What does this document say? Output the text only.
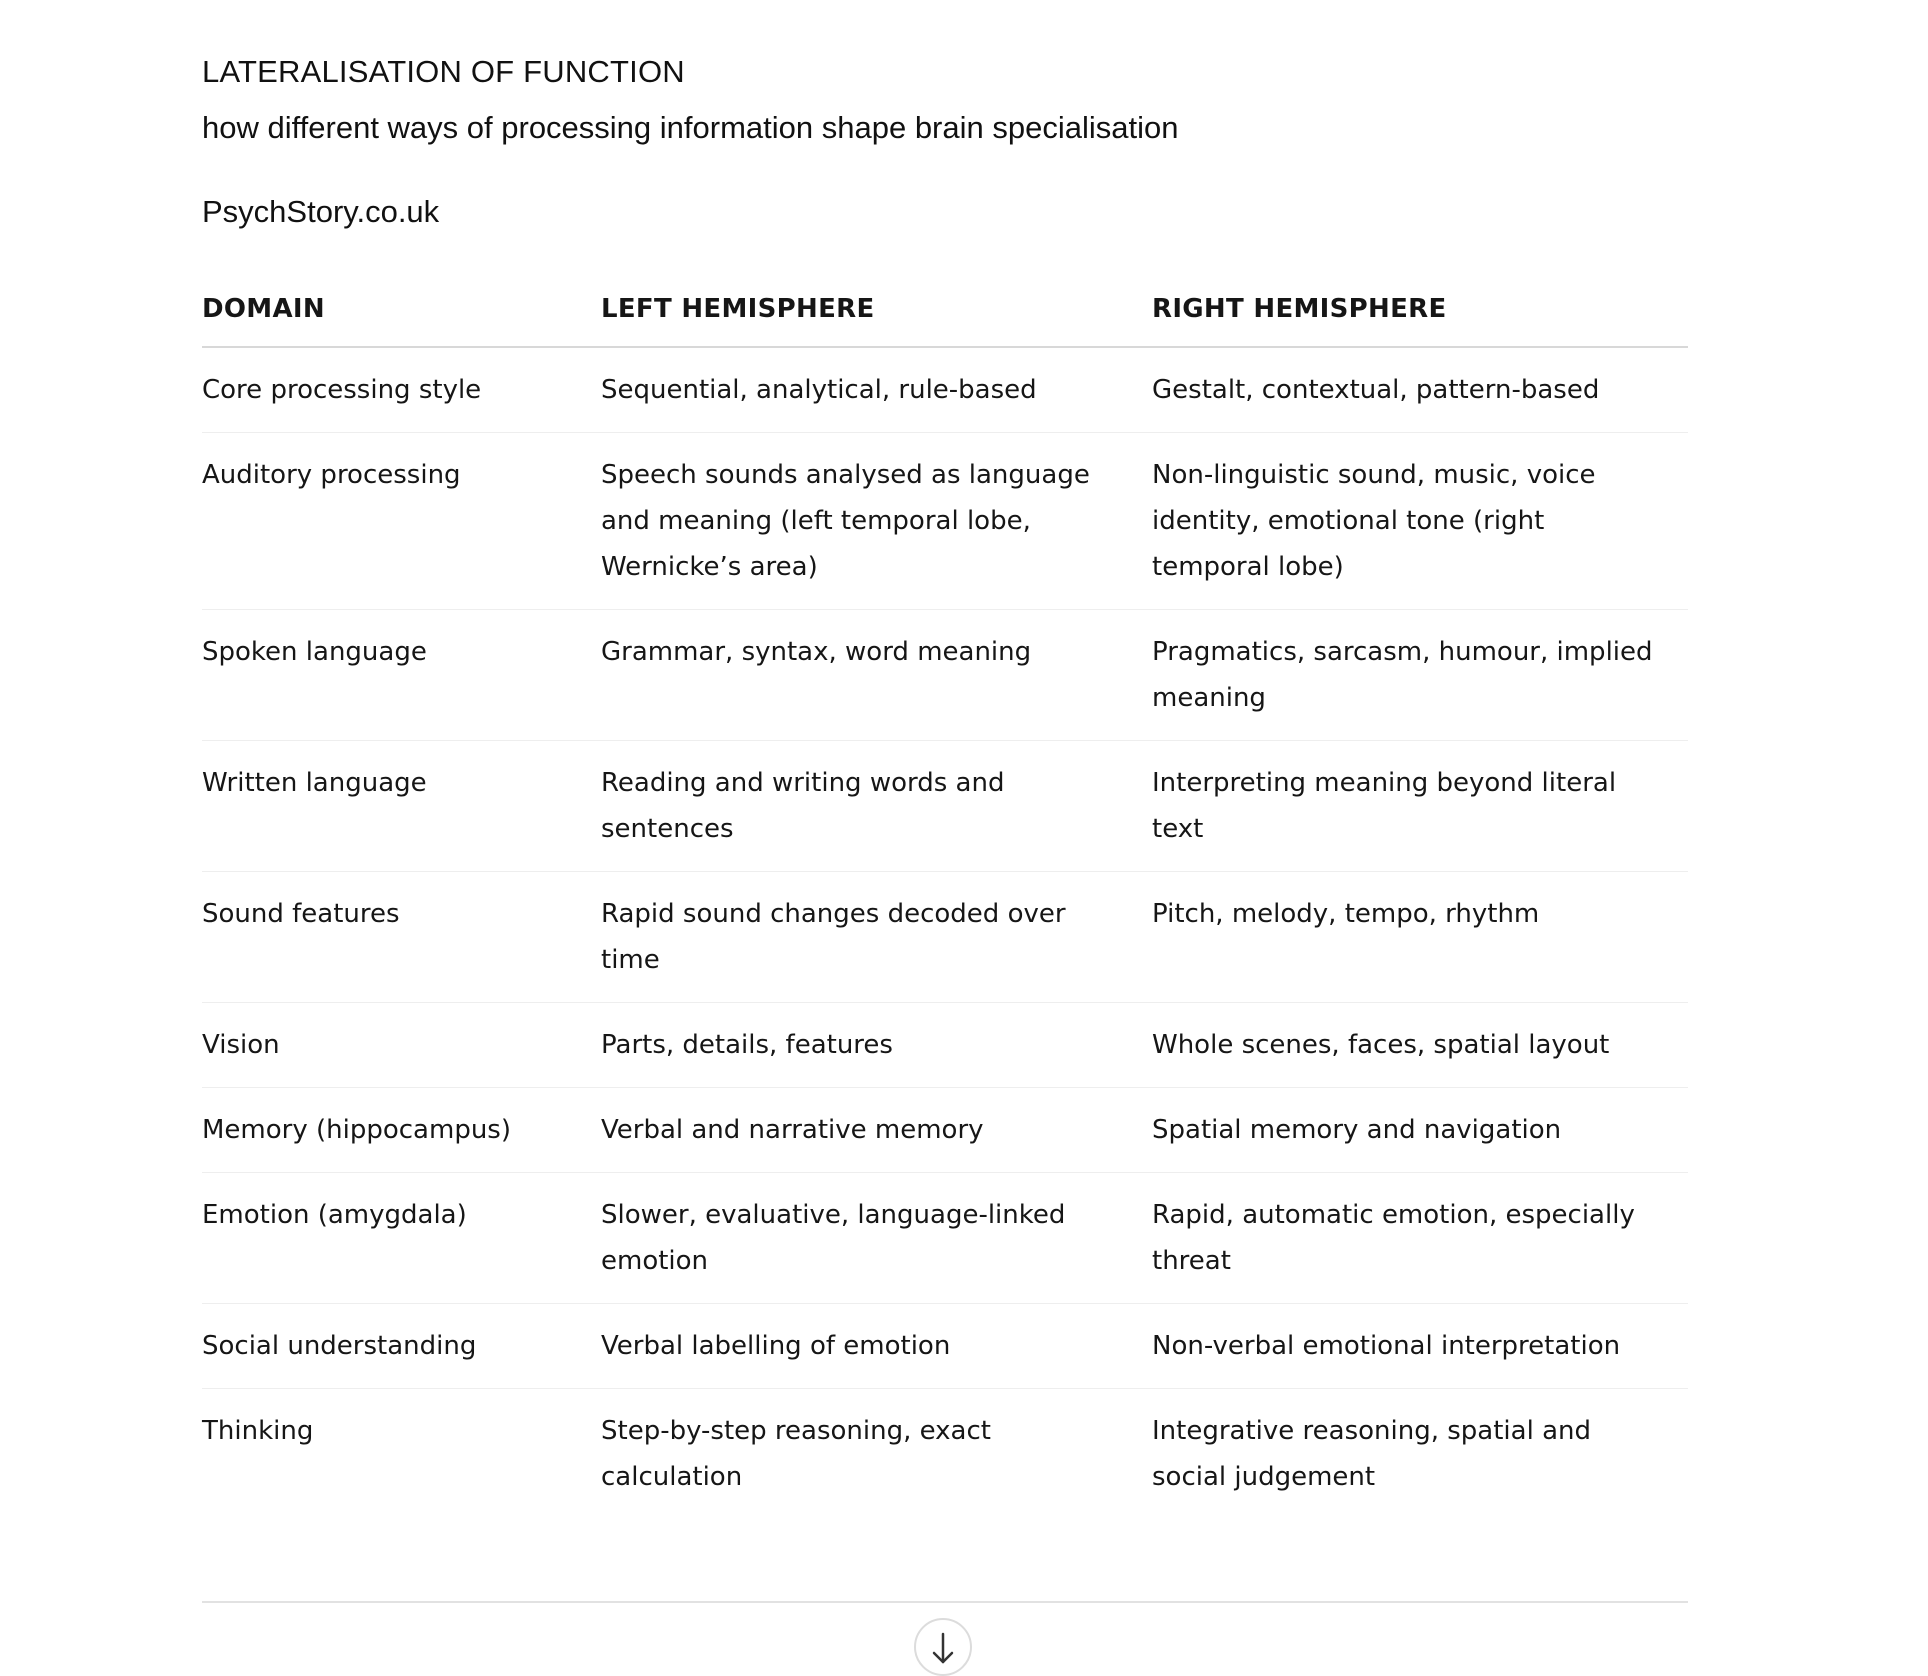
LATERALISATION OF FUNCTION
how different ways of processing information shape brain specialisation
PsychStory.co.uk
DOMAIN	LEFT HEMISPHERE	RIGHT HEMISPHERE
Core processing style	Sequential, analytical, rule-based	Gestalt, contextual, pattern-based
Auditory processing	Speech sounds analysed as language and meaning (left temporal lobe, Wernicke’s area)	Non-linguistic sound, music, voice identity, emotional tone (right temporal lobe)
Spoken language	Grammar, syntax, word meaning	Pragmatics, sarcasm, humour, implied meaning
Written language	Reading and writing words and sentences	Interpreting meaning beyond literal text
Sound features	Rapid sound changes decoded over time	Pitch, melody, tempo, rhythm
Vision	Parts, details, features	Whole scenes, faces, spatial layout
Memory (hippocampus)	Verbal and narrative memory	Spatial memory and navigation
Emotion (amygdala)	Slower, evaluative, language-linked emotion	Rapid, automatic emotion, especially threat
Social understanding	Verbal labelling of emotion	Non-verbal emotional interpretation
Thinking	Step-by-step reasoning, exact calculation	Integrative reasoning, spatial and social judgement
